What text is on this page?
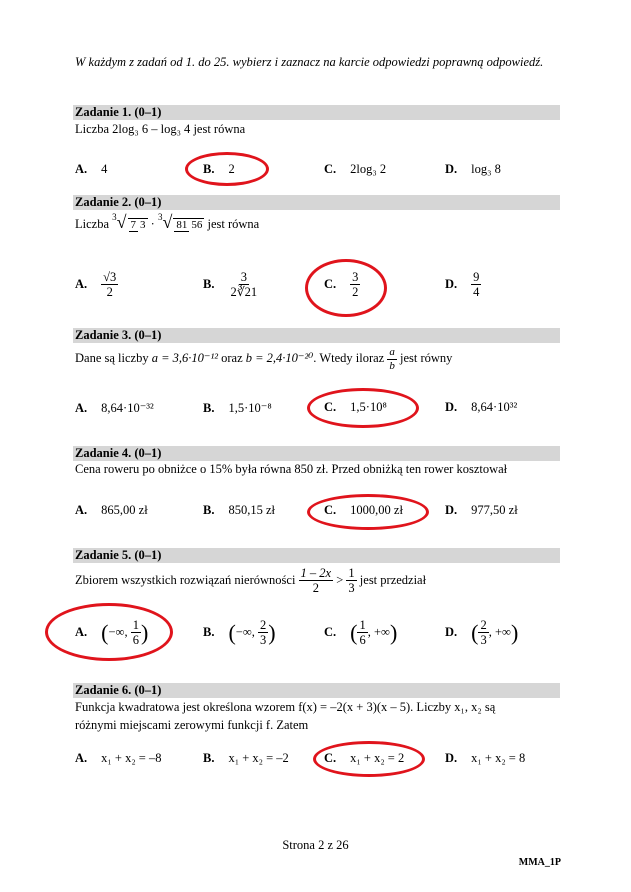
W każdym z zadań od 1. do 25. wybierz i zaznacz na karcie odpowiedzi poprawną odpowiedź.
Zadanie 1. (0–1)
Liczba 2log₃ 6 – log₃ 4 jest równa
A. 4	B. 2	C. 2log₃ 2	D. log₃ 8
Zadanie 2. (0–1)
Liczba $^3$√ 7 3 · $^3$√ 81 56 jest równa
A. $\frac{√3}{2}$	B. $\frac{3}{2∛21}$	C. $\frac{3}{2}$	D. $\frac{9}{4}$
Zadanie 3. (0–1)
Dane są liczby a = 3,6·10⁻¹² oraz b = 2,4·10⁻²⁰. Wtedy iloraz $\frac{a}{b}$ jest równy
A. 8,64·10⁻³²	B. 1,5·10⁻⁸	C. 1,5·10⁸	D. 8,64·10³²
Zadanie 4. (0–1)
Cena roweru po obniżce o 15% była równa 850 zł. Przed obniżką ten rower kosztował
A. 865,00 zł	B. 850,15 zł	C. 1000,00 zł	D. 977,50 zł
Zadanie 5. (0–1)
Zbiorem wszystkich rozwiązań nierówności $\frac{1 - 2x}{2} > \frac{1}{3}$ jest przedział
A. (−∞, $\frac{1}{6}$ )	B. (−∞, $\frac{2}{3}$ )	C. ( $\frac{1}{6}$ , +∞)	D. ( $\frac{2}{3}$ , +∞)
Zadanie 6. (0–1)
Funkcja kwadratowa jest określona wzorem f(x) = –2(x + 3)(x – 5). Liczby x₁, x₂ są
różnymi miejscami zerowymi funkcji f. Zatem
A. x₁ + x₂ = –8	B. x₁ + x₂ = –2	C. x₁ + x₂ = 2	D. x₁ + x₂ = 8
Strona 2 z 26
MMA_1P
